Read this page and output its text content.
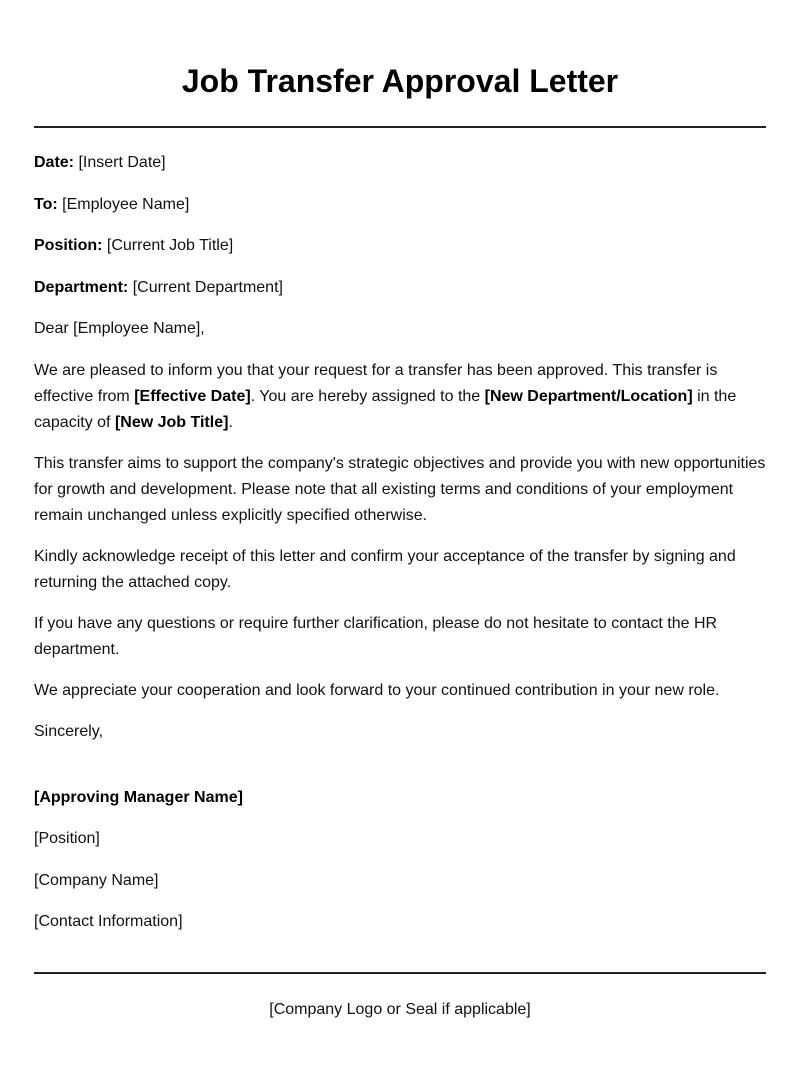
Job Transfer Approval Letter

Date: [Insert Date]

To: [Employee Name]

Position: [Current Job Title]

Department: [Current Department]

Dear [Employee Name],

We are pleased to inform you that your request for a transfer has been approved. This transfer is effective from [Effective Date]. You are hereby assigned to the [New Department/Location] in the capacity of [New Job Title].

This transfer aims to support the company's strategic objectives and provide you with new opportunities for growth and development. Please note that all existing terms and conditions of your employment remain unchanged unless explicitly specified otherwise.

Kindly acknowledge receipt of this letter and confirm your acceptance of the transfer by signing and returning the attached copy.

If you have any questions or require further clarification, please do not hesitate to contact the HR department.

We appreciate your cooperation and look forward to your continued contribution in your new role.

Sincerely,

[Approving Manager Name]

[Position]

[Company Name]

[Contact Information]

[Company Logo or Seal if applicable]
